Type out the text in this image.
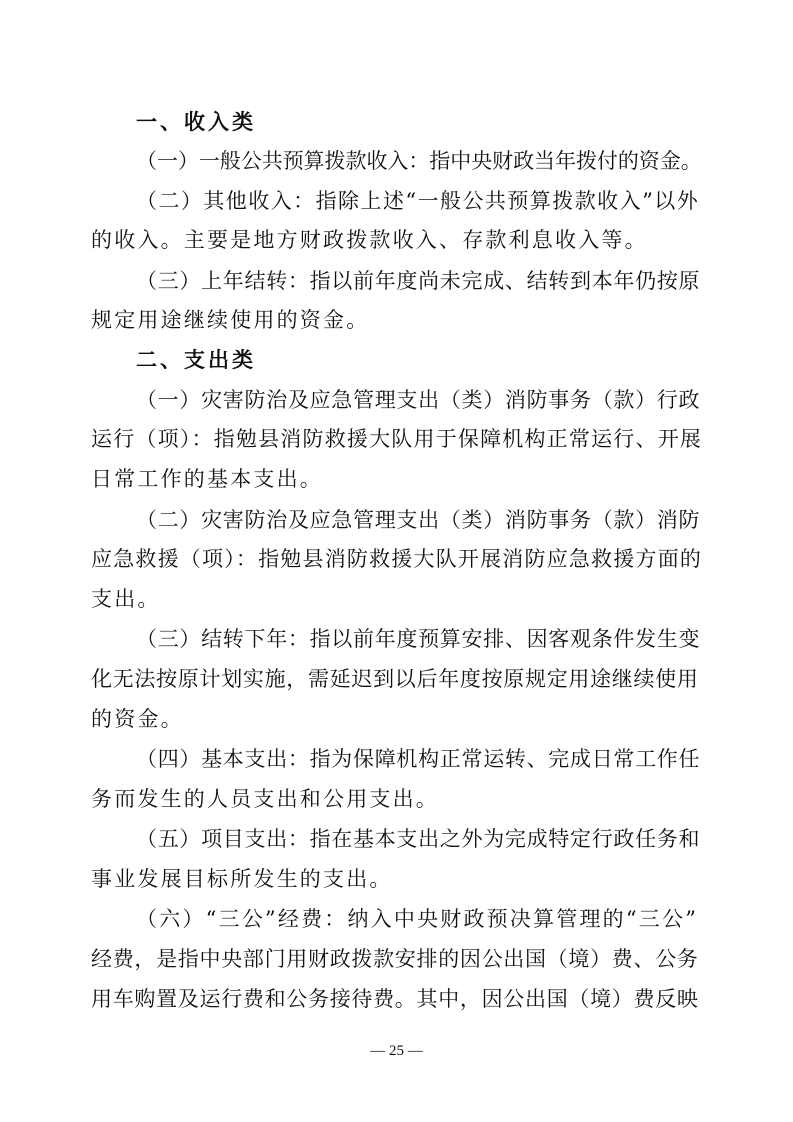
一、收入类
（一）一般公共预算拨款收入：指中央财政当年拨付的资金。
（二）其他收入：指除上述“一般公共预算拨款收入”以外
的收入。主要是地方财政拨款收入、存款利息收入等。
（三）上年结转：指以前年度尚未完成、结转到本年仍按原
规定用途继续使用的资金。
二、支出类
（一）灾害防治及应急管理支出（类）消防事务（款）行政
运行（项）：指勉县消防救援大队用于保障机构正常运行、开展
日常工作的基本支出。
（二）灾害防治及应急管理支出（类）消防事务（款）消防
应急救援（项）：指勉县消防救援大队开展消防应急救援方面的
支出。
（三）结转下年：指以前年度预算安排、因客观条件发生变
化无法按原计划实施，需延迟到以后年度按原规定用途继续使用
的资金。
（四）基本支出：指为保障机构正常运转、完成日常工作任
务而发生的人员支出和公用支出。
（五）项目支出：指在基本支出之外为完成特定行政任务和
事业发展目标所发生的支出。
（六）“三公”经费：纳入中央财政预决算管理的“三公”
经费，是指中央部门用财政拨款安排的因公出国（境）费、公务
用车购置及运行费和公务接待费。其中，因公出国（境）费反映
— 25 —
